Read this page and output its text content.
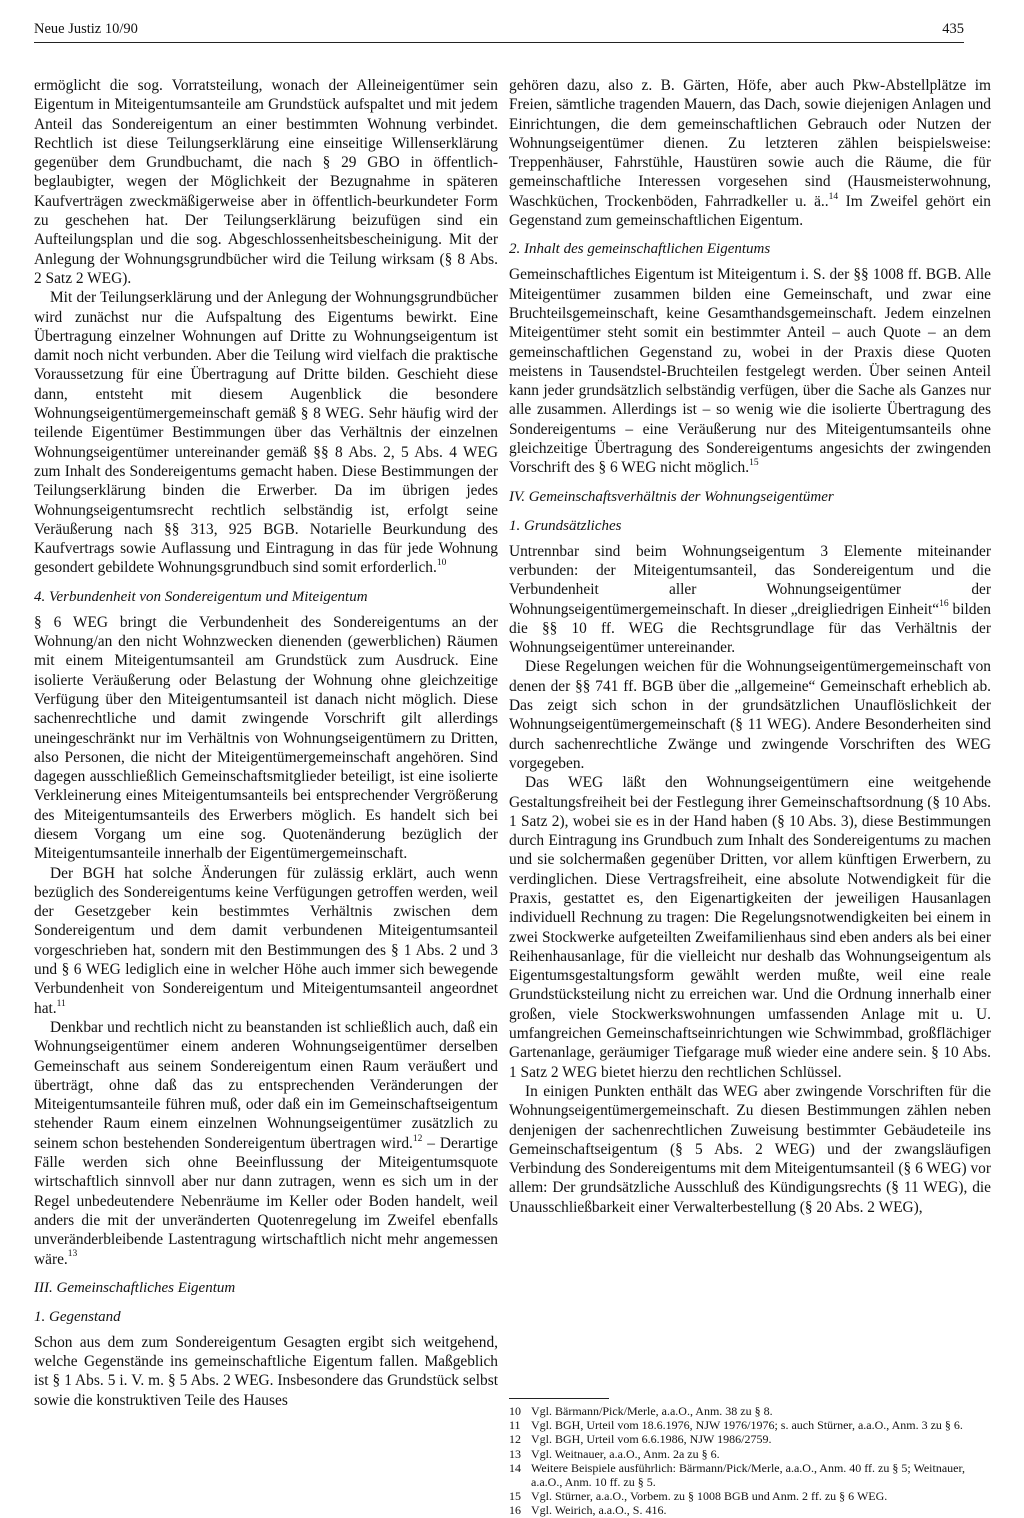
Neue Justiz 10/90	435

ermöglicht die sog. Vorratsteilung, wonach der Alleineigentümer sein Eigentum in Miteigentumsanteile am Grundstück aufspaltet und mit jedem Anteil das Sondereigentum an einer bestimmten Wohnung verbindet. Rechtlich ist diese Teilungserklärung eine einseitige Willenserklärung gegenüber dem Grundbuchamt, die nach § 29 GBO in öffentlich-beglaubigter, wegen der Möglichkeit der Bezugnahme in späteren Kaufverträgen zweckmäßigerweise aber in öffentlich-beurkundeter Form zu geschehen hat. Der Teilungserklärung beizufügen sind ein Aufteilungsplan und die sog. Abgeschlossenheitsbescheinigung. Mit der Anlegung der Wohnungsgrundbücher wird die Teilung wirksam (§ 8 Abs. 2 Satz 2 WEG).

Mit der Teilungserklärung und der Anlegung der Wohnungsgrundbücher wird zunächst nur die Aufspaltung des Eigentums bewirkt. Eine Übertragung einzelner Wohnungen auf Dritte zu Wohnungseigentum ist damit noch nicht verbunden. Aber die Teilung wird vielfach die praktische Voraussetzung für eine Übertragung auf Dritte bilden. Geschieht diese dann, entsteht mit diesem Augenblick die besondere Wohnungseigentümergemeinschaft gemäß § 8 WEG. Sehr häufig wird der teilende Eigentümer Bestimmungen über das Verhältnis der einzelnen Wohnungseigentümer untereinander gemäß §§ 8 Abs. 2, 5 Abs. 4 WEG zum Inhalt des Sondereigentums gemacht haben. Diese Bestimmungen der Teilungserklärung binden die Erwerber. Da im übrigen jedes Wohnungseigentumsrecht rechtlich selbständig ist, erfolgt seine Veräußerung nach §§ 313, 925 BGB. Notarielle Beurkundung des Kaufvertrags sowie Auflassung und Eintragung in das für jede Wohnung gesondert gebildete Wohnungsgrundbuch sind somit erforderlich.$^{10}$

4. Verbundenheit von Sondereigentum und Miteigentum

§ 6 WEG bringt die Verbundenheit des Sondereigentums an der Wohnung/an den nicht Wohnzwecken dienenden (gewerblichen) Räumen mit einem Miteigentumsanteil am Grundstück zum Ausdruck. Eine isolierte Veräußerung oder Belastung der Wohnung ohne gleichzeitige Verfügung über den Miteigentumsanteil ist danach nicht möglich. Diese sachenrechtliche und damit zwingende Vorschrift gilt allerdings uneingeschränkt nur im Verhältnis von Wohnungseigentümern zu Dritten, also Personen, die nicht der Miteigentümergemeinschaft angehören. Sind dagegen ausschließlich Gemeinschaftsmitglieder beteiligt, ist eine isolierte Verkleinerung eines Miteigentumsanteils bei entsprechender Vergrößerung des Miteigentumsanteils des Erwerbers möglich. Es handelt sich bei diesem Vorgang um eine sog. Quotenänderung bezüglich der Miteigentumsanteile innerhalb der Eigentümergemeinschaft.

Der BGH hat solche Änderungen für zulässig erklärt, auch wenn bezüglich des Sondereigentums keine Verfügungen getroffen werden, weil der Gesetzgeber kein bestimmtes Verhältnis zwischen dem Sondereigentum und dem damit verbundenen Miteigentumsanteil vorgeschrieben hat, sondern mit den Bestimmungen des § 1 Abs. 2 und 3 und § 6 WEG lediglich eine in welcher Höhe auch immer sich bewegende Verbundenheit von Sondereigentum und Miteigentumsanteil angeordnet hat.$^{11}$

Denkbar und rechtlich nicht zu beanstanden ist schließlich auch, daß ein Wohnungseigentümer einem anderen Wohnungseigentümer derselben Gemeinschaft aus seinem Sondereigentum einen Raum veräußert und überträgt, ohne daß das zu entsprechenden Veränderungen der Miteigentumsanteile führen muß, oder daß ein im Gemeinschaftseigentum stehender Raum einem einzelnen Wohnungseigentümer zusätzlich zu seinem schon bestehenden Sondereigentum übertragen wird.$^{12}$ – Derartige Fälle werden sich ohne Beeinflussung der Miteigentumsquote wirtschaftlich sinnvoll aber nur dann zutragen, wenn es sich um in der Regel unbedeutendere Nebenräume im Keller oder Boden handelt, weil anders die mit der unveränderten Quotenregelung im Zweifel ebenfalls unveränderbleibende Lastentragung wirtschaftlich nicht mehr angemessen wäre.$^{13}$

III. Gemeinschaftliches Eigentum
1. Gegenstand

Schon aus dem zum Sondereigentum Gesagten ergibt sich weitgehend, welche Gegenstände ins gemeinschaftliche Eigentum fallen. Maßgeblich ist § 1 Abs. 5 i. V. m. § 5 Abs. 2 WEG. Insbesondere das Grundstück selbst sowie die konstruktiven Teile des Hauses

gehören dazu, also z. B. Gärten, Höfe, aber auch Pkw-Abstellplätze im Freien, sämtliche tragenden Mauern, das Dach, sowie diejenigen Anlagen und Einrichtungen, die dem gemeinschaftlichen Gebrauch oder Nutzen der Wohnungseigentümer dienen. Zu letzteren zählen beispielsweise: Treppenhäuser, Fahrstühle, Haustüren sowie auch die Räume, die für gemeinschaftliche Interessen vorgesehen sind (Hausmeisterwohnung, Waschküchen, Trockenböden, Fahrradkeller u. ä..$^{14}$ Im Zweifel gehört ein Gegenstand zum gemeinschaftlichen Eigentum.

2. Inhalt des gemeinschaftlichen Eigentums

Gemeinschaftliches Eigentum ist Miteigentum i. S. der §§ 1008 ff. BGB. Alle Miteigentümer zusammen bilden eine Gemeinschaft, und zwar eine Bruchteilsgemeinschaft, keine Gesamthandsgemeinschaft. Jedem einzelnen Miteigentümer steht somit ein bestimmter Anteil – auch Quote – an dem gemeinschaftlichen Gegenstand zu, wobei in der Praxis diese Quoten meistens in Tausendstel-Bruchteilen festgelegt werden. Über seinen Anteil kann jeder grundsätzlich selbständig verfügen, über die Sache als Ganzes nur alle zusammen. Allerdings ist – so wenig wie die isolierte Übertragung des Sondereigentums – eine Veräußerung nur des Miteigentumsanteils ohne gleichzeitige Übertragung des Sondereigentums angesichts der zwingenden Vorschrift des § 6 WEG nicht möglich.$^{15}$

IV. Gemeinschaftsverhältnis der Wohnungseigentümer
1. Grundsätzliches

Untrennbar sind beim Wohnungseigentum 3 Elemente miteinander verbunden: der Miteigentumsanteil, das Sondereigentum und die Verbundenheit aller Wohnungseigentümer der Wohnungseigentümergemeinschaft. In dieser „dreigliedrigen Einheit“$^{16}$ bilden die §§ 10 ff. WEG die Rechtsgrundlage für das Verhältnis der Wohnungseigentümer untereinander.

Diese Regelungen weichen für die Wohnungseigentümergemeinschaft von denen der §§ 741 ff. BGB über die „allgemeine“ Gemeinschaft erheblich ab. Das zeigt sich schon in der grundsätzlichen Unauflöslichkeit der Wohnungseigentümergemeinschaft (§ 11 WEG). Andere Besonderheiten sind durch sachenrechtliche Zwänge und zwingende Vorschriften des WEG vorgegeben.

Das WEG läßt den Wohnungseigentümern eine weitgehende Gestaltungsfreiheit bei der Festlegung ihrer Gemeinschaftsordnung (§ 10 Abs. 1 Satz 2), wobei sie es in der Hand haben (§ 10 Abs. 3), diese Bestimmungen durch Eintragung ins Grundbuch zum Inhalt des Sondereigentums zu machen und sie solchermaßen gegenüber Dritten, vor allem künftigen Erwerbern, zu verdinglichen. Diese Vertragsfreiheit, eine absolute Notwendigkeit für die Praxis, gestattet es, den Eigenartigkeiten der jeweiligen Hausanlagen individuell Rechnung zu tragen: Die Regelungsnotwendigkeiten bei einem in zwei Stockwerke aufgeteilten Zweifamilienhaus sind eben anders als bei einer Reihenhausanlage, für die vielleicht nur deshalb das Wohnungseigentum als Eigentumsgestaltungsform gewählt werden mußte, weil eine reale Grundstücksteilung nicht zu erreichen war. Und die Ordnung innerhalb einer großen, viele Stockwerkswohnungen umfassenden Anlage mit u. U. umfangreichen Gemeinschaftseinrichtungen wie Schwimmbad, großflächiger Gartenanlage, geräumiger Tiefgarage muß wieder eine andere sein. § 10 Abs. 1 Satz 2 WEG bietet hierzu den rechtlichen Schlüssel.

In einigen Punkten enthält das WEG aber zwingende Vorschriften für die Wohnungseigentümergemeinschaft. Zu diesen Bestimmungen zählen neben denjenigen der sachenrechtlichen Zuweisung bestimmter Gebäudeteile ins Gemeinschaftseigentum (§ 5 Abs. 2 WEG) und der zwangsläufigen Verbindung des Sondereigentums mit dem Miteigentumsanteil (§ 6 WEG) vor allem: Der grundsätzliche Ausschluß des Kündigungsrechts (§ 11 WEG), die Unausschließbarkeit einer Verwalterbestellung (§ 20 Abs. 2 WEG),

10 Vgl. Bärmann/Pick/Merle, a.a.O., Anm. 38 zu § 8.
11 Vgl. BGH, Urteil vom 18.6.1976, NJW 1976/1976; s. auch Stürner, a.a.O., Anm. 3 zu § 6.
12 Vgl. BGH, Urteil vom 6.6.1986, NJW 1986/2759.
13 Vgl. Weitnauer, a.a.O., Anm. 2a zu § 6.
14 Weitere Beispiele ausführlich: Bärmann/Pick/Merle, a.a.O., Anm. 40 ff. zu § 5; Weitnauer, a.a.O., Anm. 10 ff. zu § 5.
15 Vgl. Stürner, a.a.O., Vorbem. zu § 1008 BGB und Anm. 2 ff. zu § 6 WEG.
16 Vgl. Weirich, a.a.O., S. 416.
